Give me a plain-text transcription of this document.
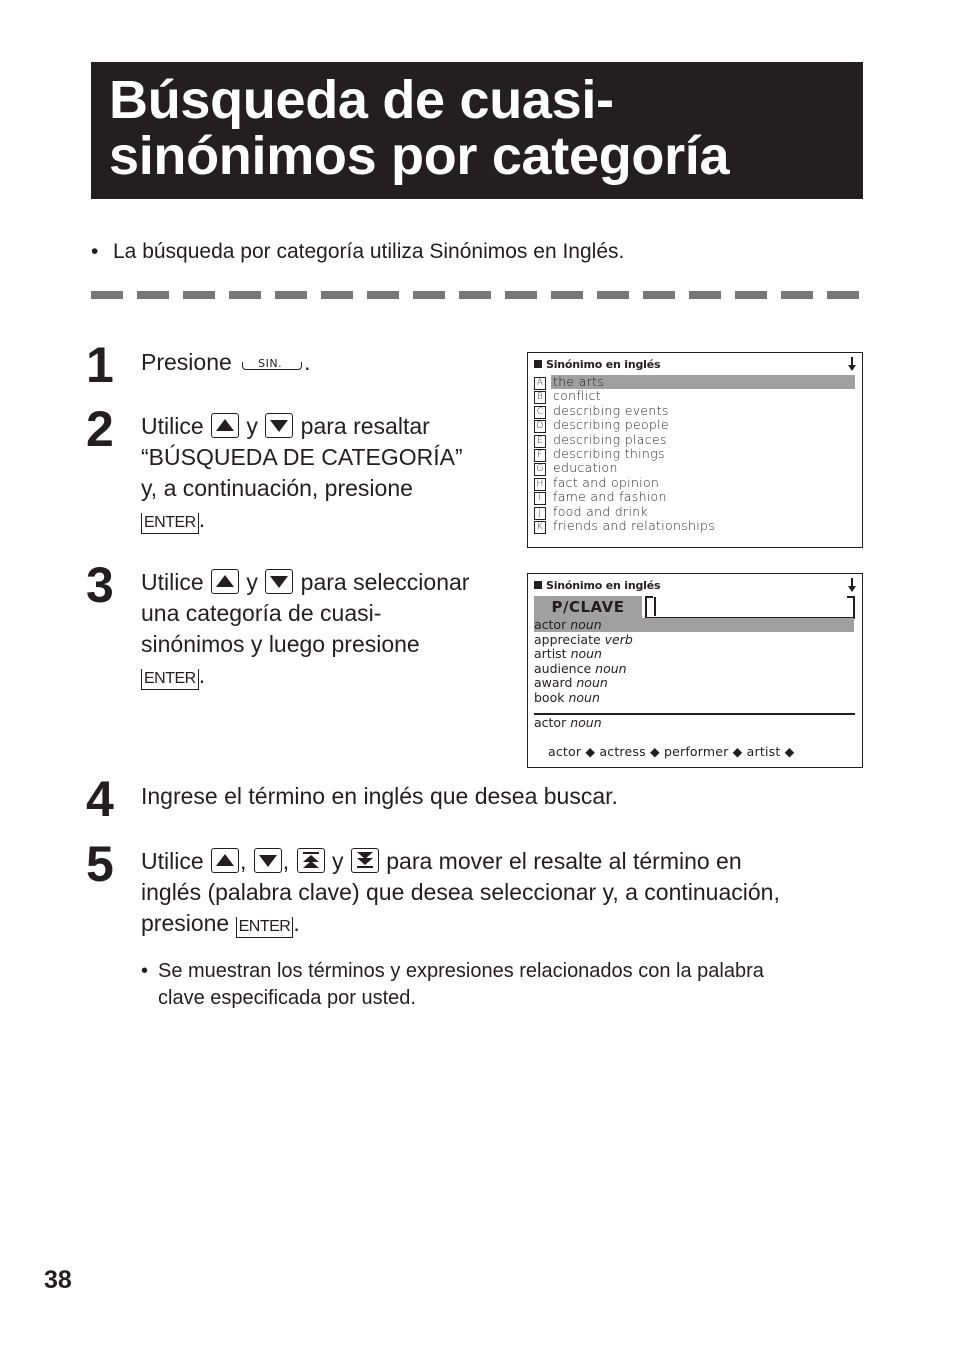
Búsqueda de cuasi-
sinónimos por categoría
• La búsqueda por categoría utiliza Sinónimos en Inglés.
1 Presione SIN. .
2 Utilice
y
para resaltar
“BÚSQUEDA DE CATEGORÍA”
y, a continuación, presione
ENTER .
3 Utilice
y
para seleccionar
una categoría de cuasi-
sinónimos y luego presione
ENTER .
4 Ingrese el término en inglés que desea buscar.
5 Utilice
,
,
y
para mover el resalte al término en
inglés (palabra clave) que desea seleccionar y, a continuación,
presione ENTER .
• Se muestran los términos y expresiones relacionados con la palabra
clave especificada por usted.
Sinónimo en inglés
A the arts
B conflict
C describing events
D describing people
E describing places
F describing things
G education
H fact and opinion
I fame and fashion
J food and drink
K friends and relationships
Sinónimo en inglés
P/CLAVE
actor noun
appreciate verb
artist noun
audience noun
award noun
book noun
actor noun
actor ◆ actress ◆ performer ◆ artist ◆
38
